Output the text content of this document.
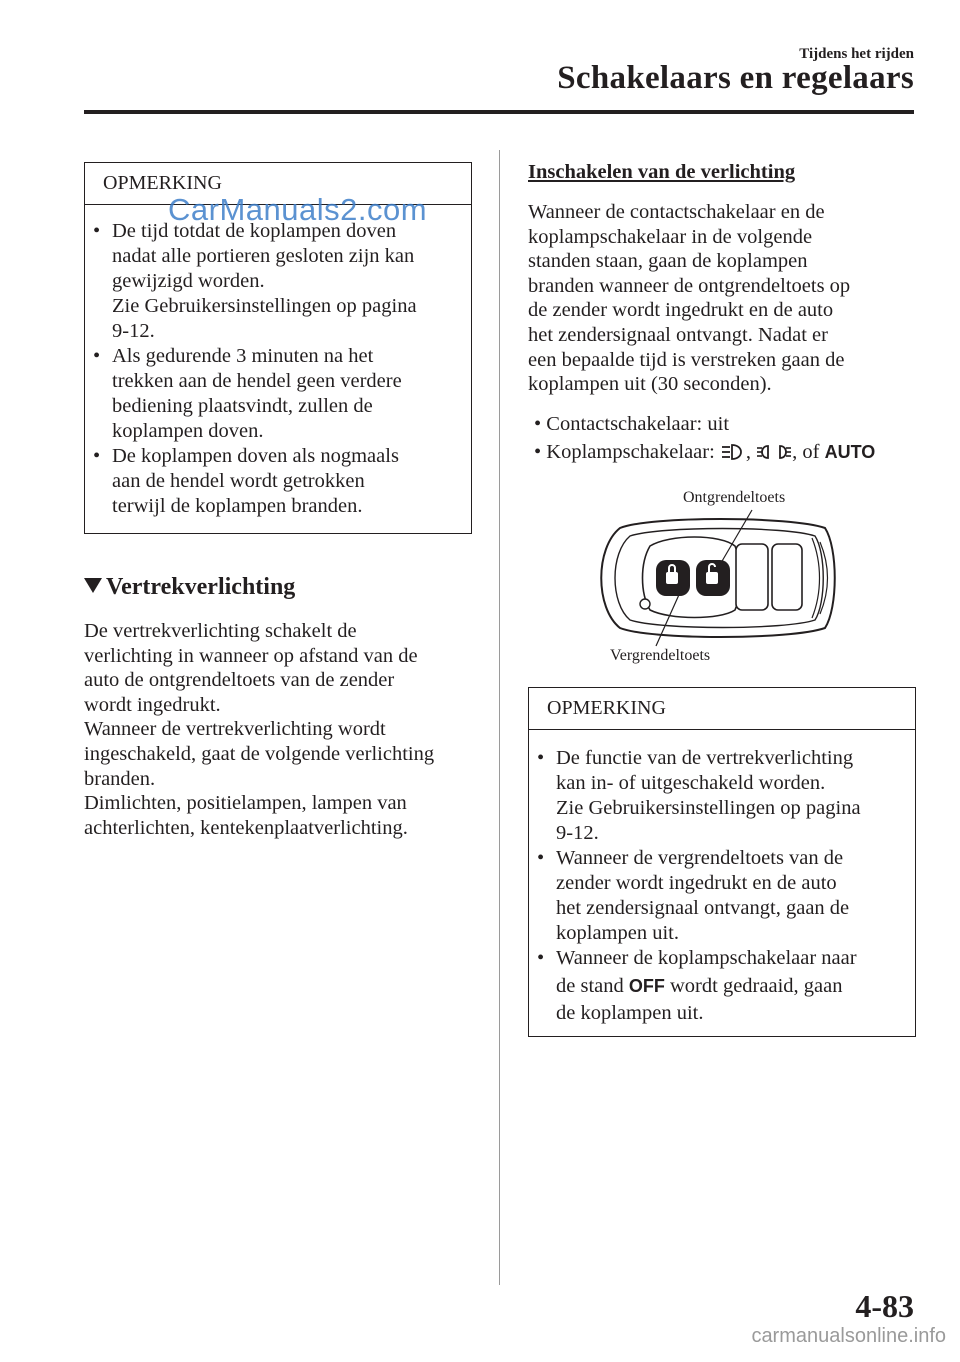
Tijdens het rijden
Schakelaars en regelaars
OPMERKING
• De tijd totdat de koplampen doven
nadat alle portieren gesloten zijn kan
gewijzigd worden.
Zie Gebruikersinstellingen op pagina
9-12.
• Als gedurende 3 minuten na het
trekken aan de hendel geen verdere
bediening plaatsvindt, zullen de
koplampen doven.
• De koplampen doven als nogmaals
aan de hendel wordt getrokken
terwijl de koplampen branden.
CarManuals2.com
Vertrekverlichting
De vertrekverlichting schakelt de
verlichting in wanneer op afstand van de
auto de ontgrendeltoets van de zender
wordt ingedrukt.
Wanneer de vertrekverlichting wordt
ingeschakeld, gaat de volgende verlichting
branden.
Dimlichten, positielampen, lampen van
achterlichten, kentekenplaatverlichting.
Inschakelen van de verlichting
Wanneer de contactschakelaar en de
koplampschakelaar in de volgende
standen staan, gaan de koplampen
branden wanneer de ontgrendeltoets op
de zender wordt ingedrukt en de auto
het zendersignaal ontvangt. Nadat er
een bepaalde tijd is verstreken gaan de
koplampen uit (30 seconden).
• Contactschakelaar: uit
• Koplampschakelaar: , , of AUTO
Ontgrendeltoets
Vergrendeltoets
OPMERKING
• De functie van de vertrekverlichting
kan in- of uitgeschakeld worden.
Zie Gebruikersinstellingen op pagina
9-12.
• Wanneer de vergrendeltoets van de
zender wordt ingedrukt en de auto
het zendersignaal ontvangt, gaan de
koplampen uit.
• Wanneer de koplampschakelaar naar
de stand OFF wordt gedraaid, gaan
de koplampen uit.
4-83
carmanualsonline.info
